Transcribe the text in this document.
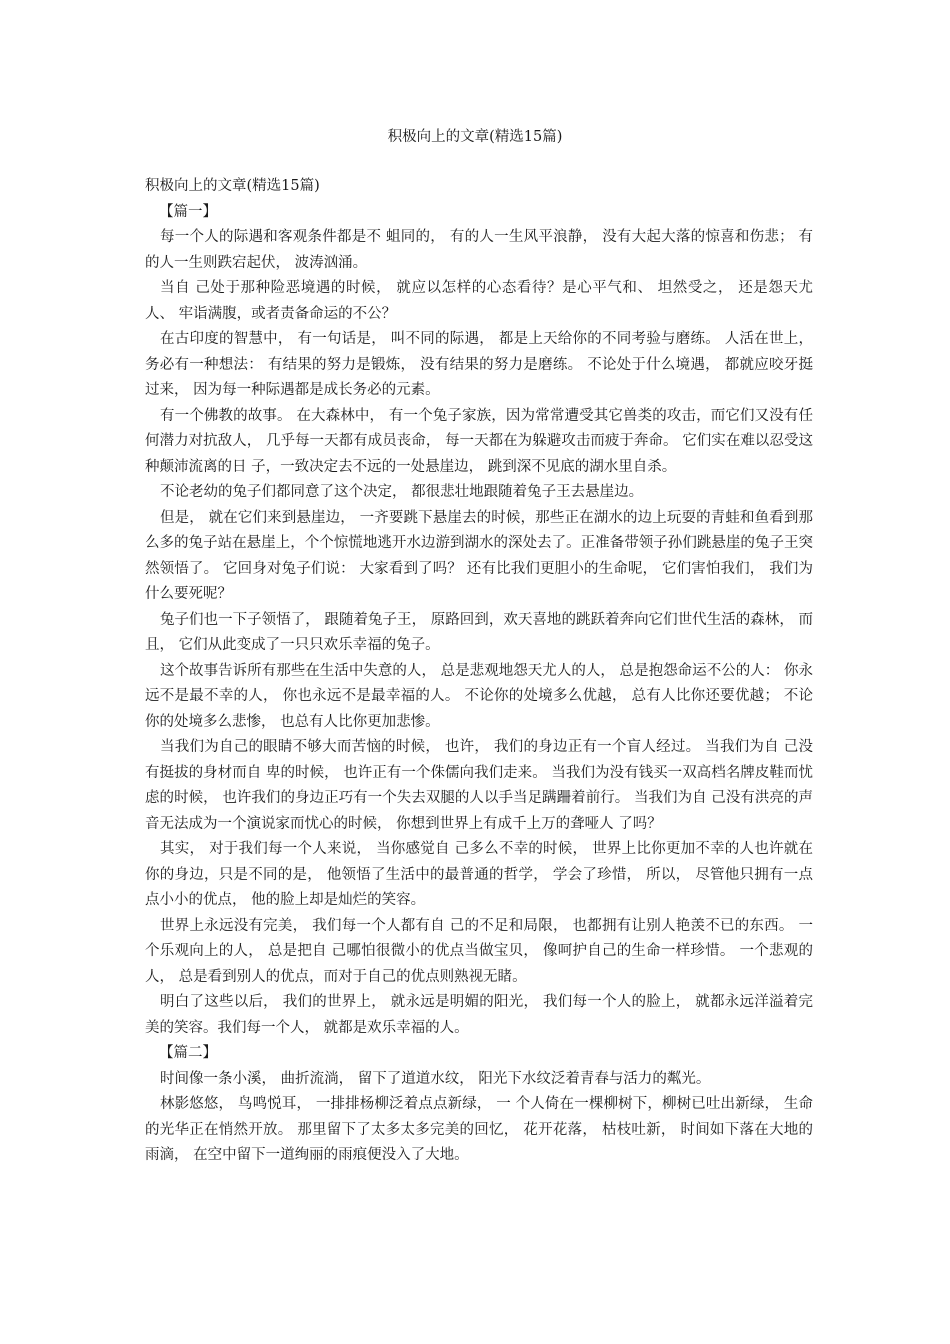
积极向上的文章(精选15篇)

积极向上的文章(精选15篇)

【篇一】

每一个人的际遇和客观条件都是不 蛆同的， 有的人一生风平浪静， 没有大起大落的惊喜和伤悲； 有的人一生则跌宕起伏， 波涛汹涌。

当自 己处于那种险恶境遇的时候， 就应以怎样的心态看待？是心平气和、 坦然受之， 还是怨天尤人、 牢诣满腹，或者责备命运的不公？

在古印度的智慧中， 有一句话是， 叫不同的际遇， 都是上天给你的不同考验与磨练。 人活在世上， 务必有一种想法： 有结果的努力是锻炼， 没有结果的努力是磨练。 不论处于什么境遇， 都就应咬牙挺过来， 因为每一种际遇都是成长务必的元素。

有一个佛教的故事。 在大森林中， 有一个兔子家族，因为常常遭受其它兽类的攻击，而它们又没有任何潜力对抗敌人， 几乎每一天都有成员丧命， 每一天都在为躲避攻击而疲于奔命。 它们实在难以忍受这种颠沛流离的日 子，一致决定去不远的一处悬崖边， 跳到深不见底的湖水里自杀。

不论老幼的兔子们都同意了这个决定， 都很悲壮地跟随着兔子王去悬崖边。

但是， 就在它们来到悬崖边， 一齐要跳下悬崖去的时候，那些正在湖水的边上玩耍的青蛙和鱼看到那么多的兔子站在悬崖上，个个惊慌地逃开水边游到湖水的深处去了。正准备带领子孙们跳悬崖的兔子王突然领悟了。 它回身对兔子们说： 大家看到了吗？ 还有比我们更胆小的生命呢， 它们害怕我们， 我们为什么要死呢？

兔子们也一下子领悟了， 跟随着兔子王， 原路回到，欢天喜地的跳跃着奔向它们世代生活的森林， 而且， 它们从此变成了一只只欢乐幸福的兔子。

这个故事告诉所有那些在生活中失意的人， 总是悲观地怨天尤人的人， 总是抱怨命运不公的人： 你永远不是最不幸的人， 你也永远不是最幸福的人。 不论你的处境多么优越， 总有人比你还要优越； 不论你的处境多么悲惨， 也总有人比你更加悲惨。

当我们为自己的眼睛不够大而苦恼的时候， 也许， 我们的身边正有一个盲人经过。 当我们为自 己没有挺拔的身材而自 卑的时候， 也许正有一个侏儒向我们走来。 当我们为没有钱买一双高档名牌皮鞋而忧虑的时候， 也许我们的身边正巧有一个失去双腿的人以手当足蹒跚着前行。 当我们为自 己没有洪亮的声音无法成为一个演说家而忧心的时候， 你想到世界上有成千上万的聋哑人 了吗？

其实， 对于我们每一个人来说， 当你感觉自 己多么不幸的时候， 世界上比你更加不幸的人也许就在你的身边，只是不同的是， 他领悟了生活中的最普通的哲学， 学会了珍惜， 所以， 尽管他只拥有一点点小小的优点， 他的脸上却是灿烂的笑容。

世界上永远没有完美， 我们每一个人都有自 己的不足和局限， 也都拥有让别人艳羡不已的东西。 一个乐观向上的人， 总是把自 己哪怕很微小的优点当做宝贝， 像呵护自己的生命一样珍惜。 一个悲观的人， 总是看到别人的优点，而对于自己的优点则熟视无睹。

明白了这些以后， 我们的世界上， 就永远是明媚的阳光， 我们每一个人的脸上， 就都永远洋溢着完美的笑容。我们每一个人， 就都是欢乐幸福的人。

【篇二】

时间像一条小溪， 曲折流淌， 留下了道道水纹， 阳光下水纹泛着青春与活力的粼光。

林影悠悠， 鸟鸣悦耳， 一排排杨柳泛着点点新绿， 一 个人倚在一棵柳树下，柳树已吐出新绿， 生命的光华正在悄然开放。 那里留下了太多太多完美的回忆， 花开花落， 枯枝吐新， 时间如下落在大地的雨滴， 在空中留下一道绚丽的雨痕便没入了大地。
